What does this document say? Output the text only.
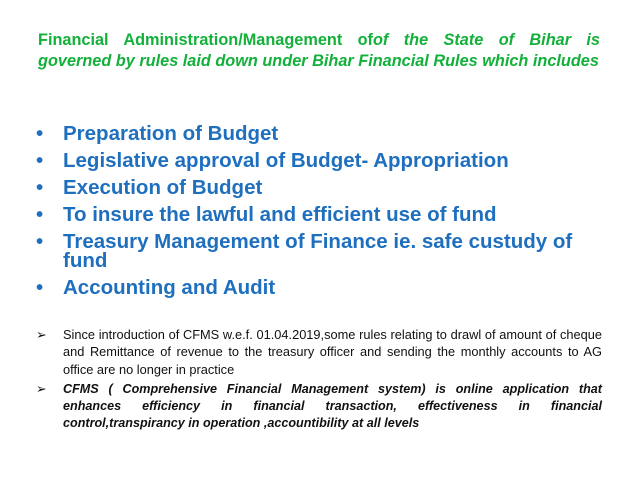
Financial Administration/Management ofof the State of Bihar is governed by rules laid down under Bihar Financial Rules which includes

• Preparation of Budget
• Legislative approval of Budget- Appropriation
• Execution of Budget
• To insure the lawful and efficient use of fund
• Treasury Management of Finance ie. safe custudy of fund
• Accounting and Audit
➢ Since introduction of CFMS w.e.f. 01.04.2019,some rules relating to drawl of amount of cheque and Remittance of revenue to the treasury officer and sending the monthly accounts to AG office are no longer in practice
➢ CFMS ( Comprehensive Financial Management system) is online application that enhances efficiency in financial transaction, effectiveness in financial control,transpirancy in operation ,accountibility at all levels
